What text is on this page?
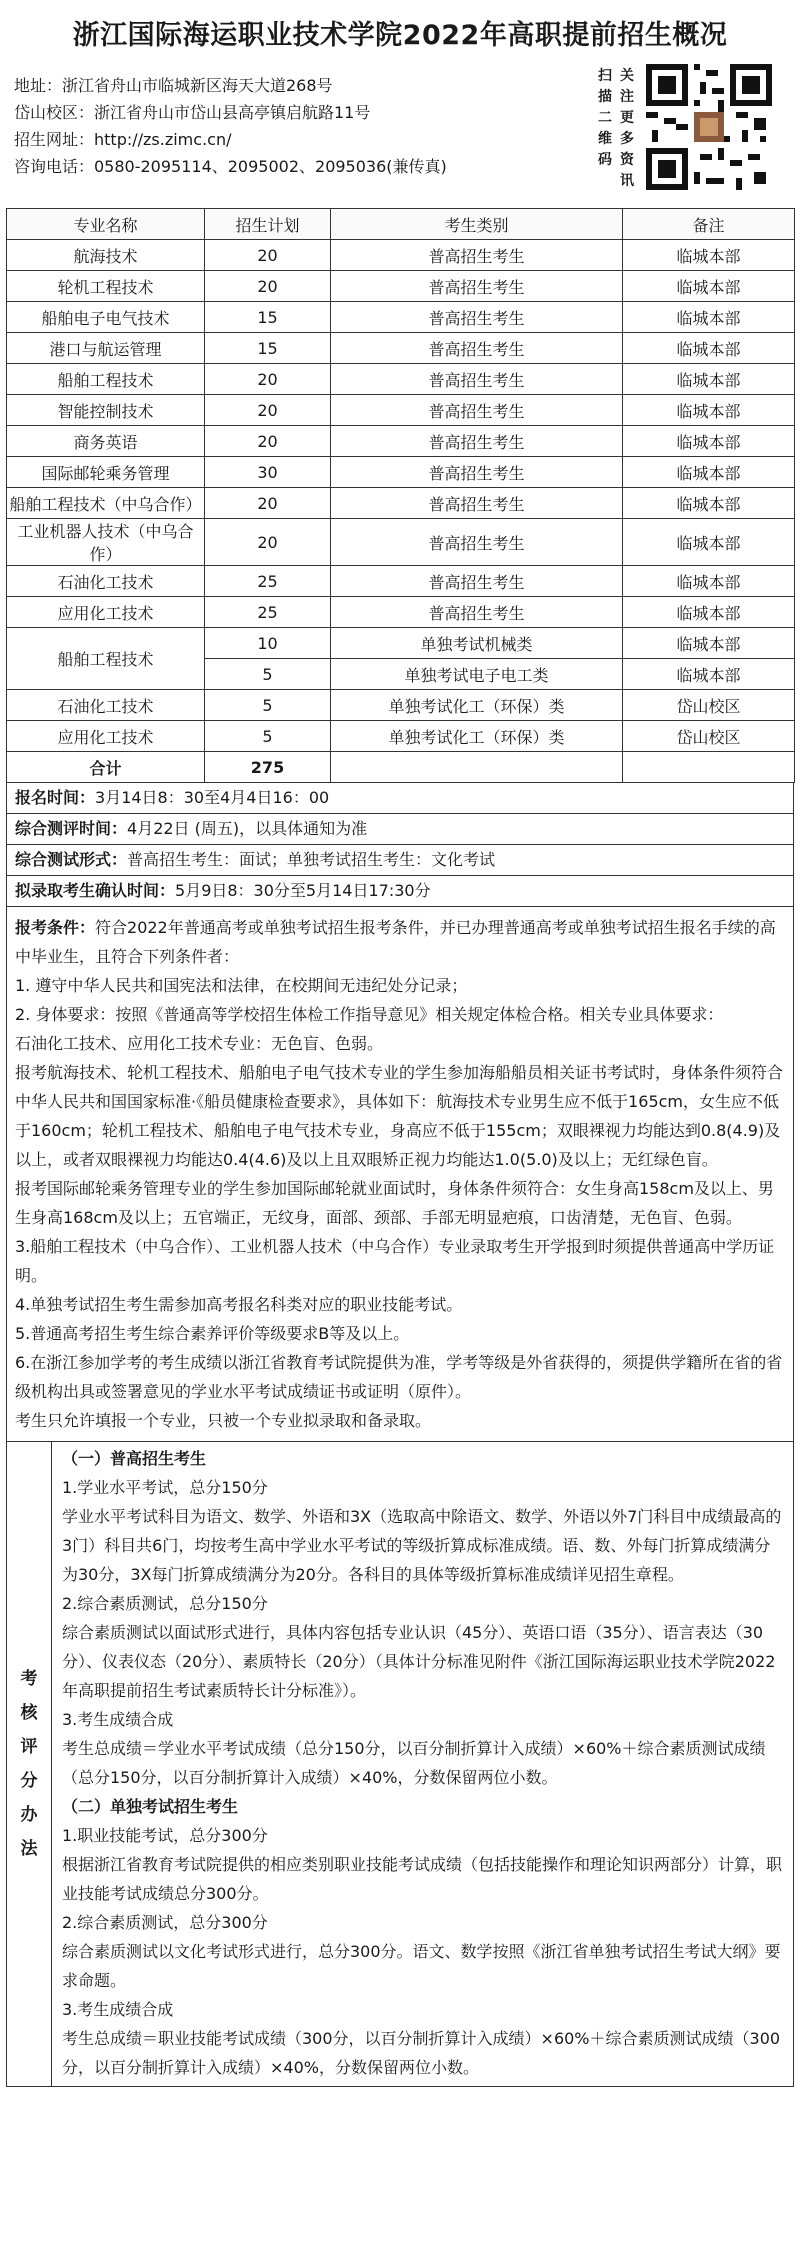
浙江国际海运职业技术学院2022年高职提前招生概况
地址：浙江省舟山市临城新区海天大道268号
岱山校区：浙江省舟山市岱山县高亭镇启航路11号
招生网址：http://zs.zimc.cn/
咨询电话：0580-2095114、2095002、2095036(兼传真)
扫
描
二
维
码
关
注
更
多
资
讯
专业名称	招生计划	考生类别	备注
航海技术	20	普高招生考生	临城本部
轮机工程技术	20	普高招生考生	临城本部
船舶电子电气技术	15	普高招生考生	临城本部
港口与航运管理	15	普高招生考生	临城本部
船舶工程技术	20	普高招生考生	临城本部
智能控制技术	20	普高招生考生	临城本部
商务英语	20	普高招生考生	临城本部
国际邮轮乘务管理	30	普高招生考生	临城本部
船舶工程技术（中乌合作）	20	普高招生考生	临城本部
工业机器人技术（中乌合作）	20	普高招生考生	临城本部
石油化工技术	25	普高招生考生	临城本部
应用化工技术	25	普高招生考生	临城本部
船舶工程技术	10	单独考试机械类	临城本部
	5	单独考试电子电工类	临城本部
石油化工技术	5	单独考试化工（环保）类	岱山校区
应用化工技术	5	单独考试化工（环保）类	岱山校区
合计	275		
报名时间：3月14日8：30至4月4日16：00
综合测评时间：4月22日 (周五)，以具体通知为准
综合测试形式：普高招生考生：面试；单独考试招生考生：文化考试
拟录取考生确认时间：5月9日8：30分至5月14日17:30分
报考条件：符合2022年普通高考或单独考试招生报考条件，并已办理普通高考或单独考试招生报名手续的高中毕业生，且符合下列条件者：
1. 遵守中华人民共和国宪法和法律，在校期间无违纪处分记录；
2. 身体要求：按照《普通高等学校招生体检工作指导意见》相关规定体检合格。相关专业具体要求：
石油化工技术、应用化工技术专业：无色盲、色弱。
报考航海技术、轮机工程技术、船舶电子电气技术专业的学生参加海船船员相关证书考试时，身体条件须符合中华人民共和国国家标准·《船员健康检查要求》，具体如下：航海技术专业男生应不低于165cm，女生应不低于160cm；轮机工程技术、船舶电子电气技术专业，身高应不低于155cm；双眼裸视力均能达到0.8(4.9)及以上，或者双眼裸视力均能达0.4(4.6)及以上且双眼矫正视力均能达1.0(5.0)及以上；无红绿色盲。
报考国际邮轮乘务管理专业的学生参加国际邮轮就业面试时，身体条件须符合：女生身高158cm及以上、男生身高168cm及以上；五官端正，无纹身，面部、颈部、手部无明显疤痕，口齿清楚，无色盲、色弱。
3.船舶工程技术（中乌合作）、工业机器人技术（中乌合作）专业录取考生开学报到时须提供普通高中学历证明。
4.单独考试招生考生需参加高考报名科类对应的职业技能考试。
5.普通高考招生考生综合素养评价等级要求B等及以上。
6.在浙江参加学考的考生成绩以浙江省教育考试院提供为准，学考等级是外省获得的，须提供学籍所在省的省级机构出具或签署意见的学业水平考试成绩证书或证明（原件）。
考生只允许填报一个专业，只被一个专业拟录取和备录取。
考
核
评
分
办
法
（一）普高招生考生
1.学业水平考试，总分150分
学业水平考试科目为语文、数学、外语和3X（选取高中除语文、数学、外语以外7门科目中成绩最高的3门）科目共6门，均按考生高中学业水平考试的等级折算成标准成绩。语、数、外每门折算成绩满分为30分，3X每门折算成绩满分为20分。各科目的具体等级折算标准成绩详见招生章程。
2.综合素质测试，总分150分
综合素质测试以面试形式进行，具体内容包括专业认识（45分）、英语口语（35分）、语言表达（30分）、仪表仪态（20分）、素质特长（20分）（具体计分标准见附件《浙江国际海运职业技术学院2022年高职提前招生考试素质特长计分标准》）。
3.考生成绩合成
考生总成绩＝学业水平考试成绩（总分150分，以百分制折算计入成绩）×60%＋综合素质测试成绩（总分150分，以百分制折算计入成绩）×40%，分数保留两位小数。
（二）单独考试招生考生
1.职业技能考试，总分300分
根据浙江省教育考试院提供的相应类别职业技能考试成绩（包括技能操作和理论知识两部分）计算，职业技能考试成绩总分300分。
2.综合素质测试，总分300分
综合素质测试以文化考试形式进行，总分300分。语文、数学按照《浙江省单独考试招生考试大纲》要求命题。
3.考生成绩合成
考生总成绩＝职业技能考试成绩（300分，以百分制折算计入成绩）×60%＋综合素质测试成绩（300分，以百分制折算计入成绩）×40%，分数保留两位小数。
